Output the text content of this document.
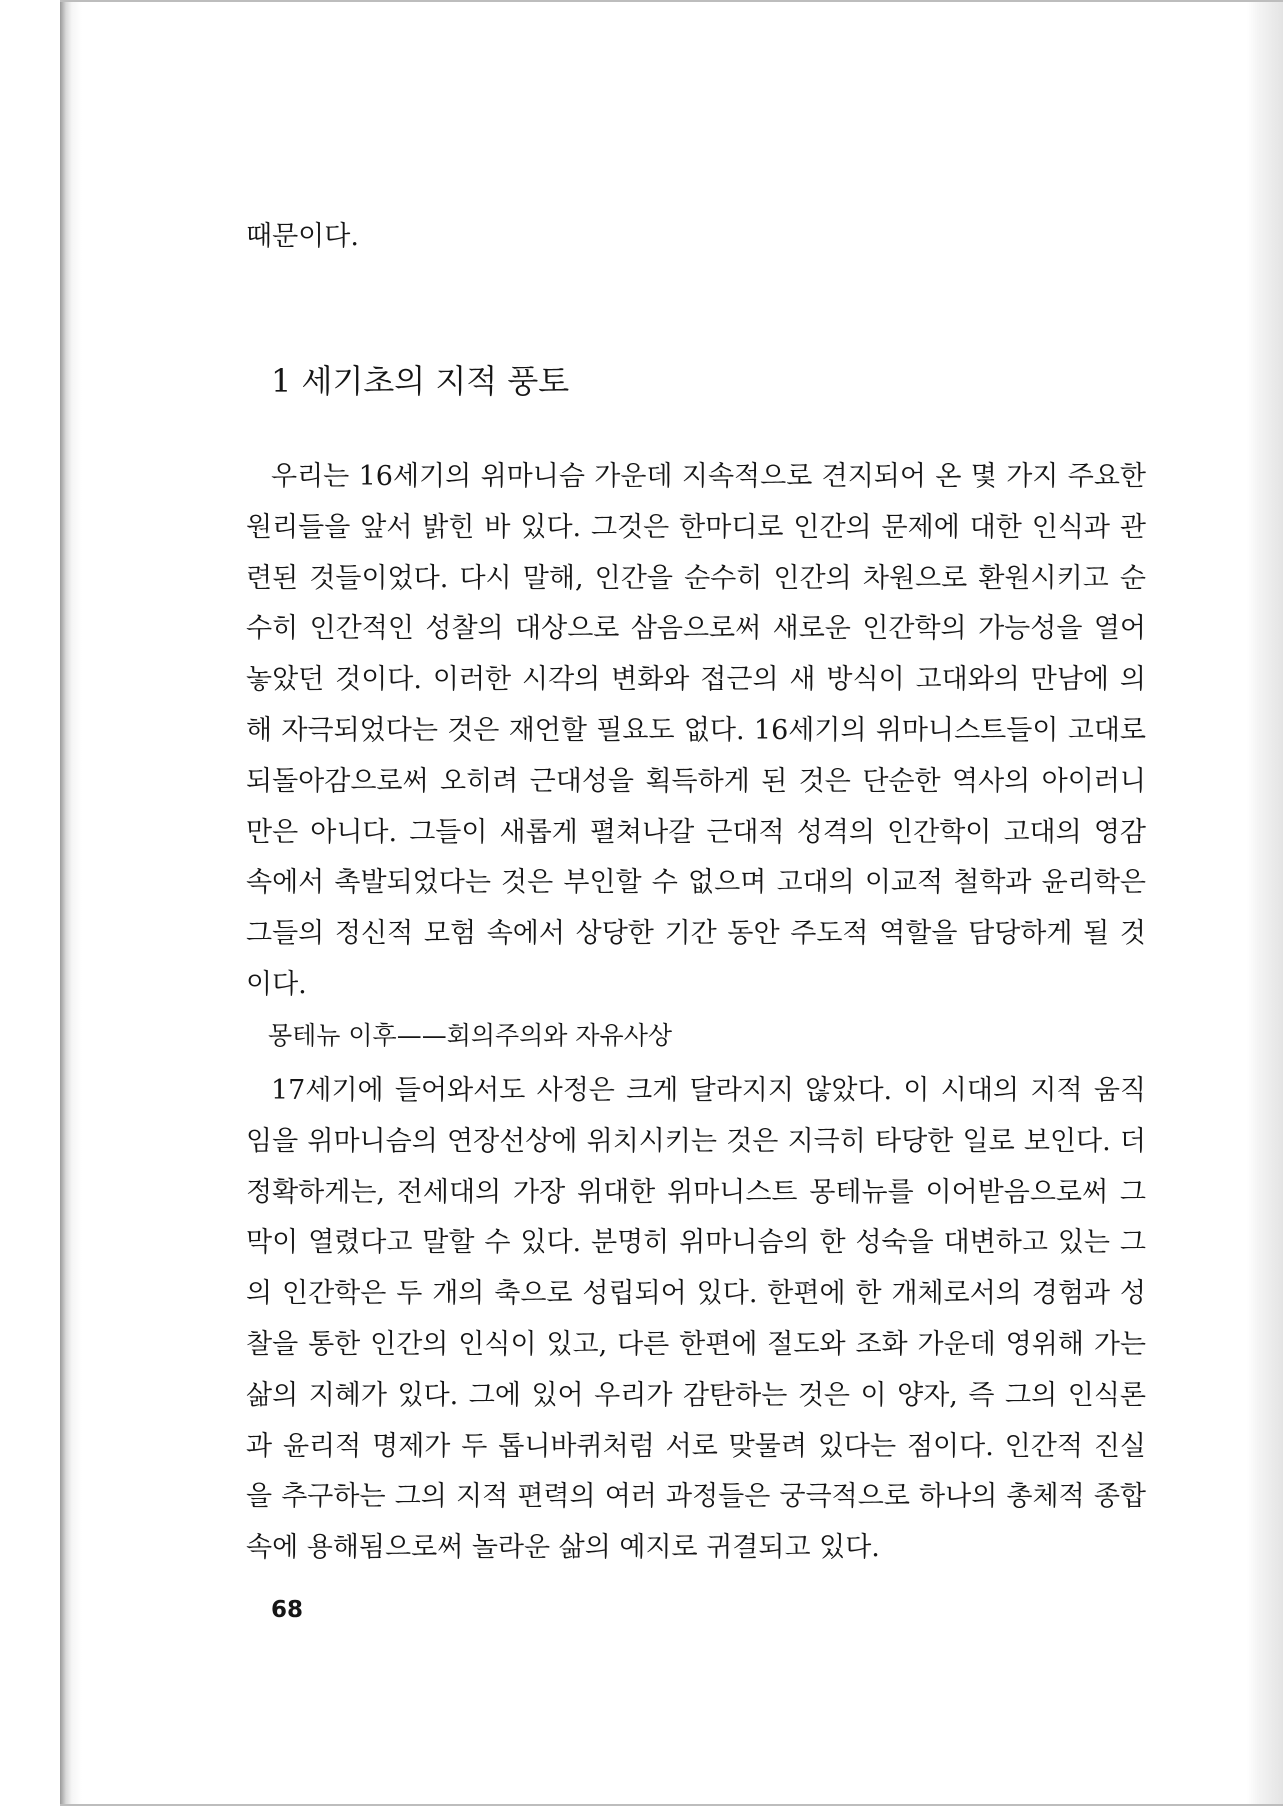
때문이다.
1 세기초의 지적 풍토

우리는 16세기의 위마니슴 가운데 지속적으로 견지되어 온 몇 가지 주요한 원리들을 앞서 밝힌 바 있다. 그것은 한마디로 인간의 문제에 대한 인식과 관련된 것들이었다. 다시 말해, 인간을 순수히 인간의 차원으로 환원시키고 순수히 인간적인 성찰의 대상으로 삼음으로써 새로운 인간학의 가능성을 열어놓았던 것이다. 이러한 시각의 변화와 접근의 새 방식이 고대와의 만남에 의해 자극되었다는 것은 재언할 필요도 없다. 16세기의 위마니스트들이 고대로 되돌아감으로써 오히려 근대성을 획득하게 된 것은 단순한 역사의 아이러니만은 아니다. 그들이 새롭게 펼쳐나갈 근대적 성격의 인간학이 고대의 영감 속에서 촉발되었다는 것은 부인할 수 없으며 고대의 이교적 철학과 윤리학은 그들의 정신적 모험 속에서 상당한 기간 동안 주도적 역할을 담당하게 될 것이다.

몽테뉴 이후——회의주의와 자유사상

17세기에 들어와서도 사정은 크게 달라지지 않았다. 이 시대의 지적 움직임을 위마니슴의 연장선상에 위치시키는 것은 지극히 타당한 일로 보인다. 더 정확하게는, 전세대의 가장 위대한 위마니스트 몽테뉴를 이어받음으로써 그 막이 열렸다고 말할 수 있다. 분명히 위마니슴의 한 성숙을 대변하고 있는 그의 인간학은 두 개의 축으로 성립되어 있다. 한편에 한 개체로서의 경험과 성찰을 통한 인간의 인식이 있고, 다른 한편에 절도와 조화 가운데 영위해 가는 삶의 지혜가 있다. 그에 있어 우리가 감탄하는 것은 이 양자, 즉 그의 인식론과 윤리적 명제가 두 톱니바퀴처럼 서로 맞물려 있다는 점이다. 인간적 진실을 추구하는 그의 지적 편력의 여러 과정들은 궁극적으로 하나의 총체적 종합 속에 용해됨으로써 놀라운 삶의 예지로 귀결되고 있다.

68
